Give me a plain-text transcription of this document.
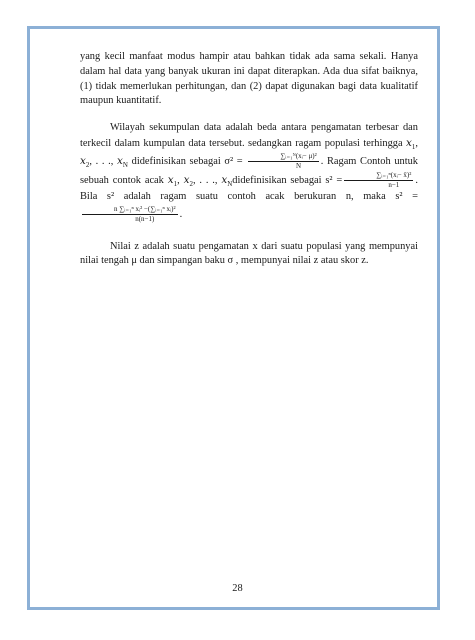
yang kecil manfaat modus hampir atau bahkan tidak ada sama sekali. Hanya dalam hal data yang banyak ukuran ini dapat diterapkan. Ada dua sifat baiknya, (1) tidak memerlukan perhitungan, dan (2) dapat digunakan bagi data kualitatif maupun kuantitatif.

Wilayah sekumpulan data adalah beda antara pengamatan terbesar dan terkecil dalam kumpulan data tersebut. sedangkan ragam populasi terhingga $x_1$, $x_2$, . . ., $x_N$ didefinisikan sebagai $\sigma^2 = \frac{\text{∑ᵢ₌₁ᴺ(xᵢ− μ)²}}{N}$ . Ragam Contoh untuk sebuah contok acak $x_1$, $x_2$, . . ., $x_Ndidefinisikan$ sebagai $s^2 = \frac{\text{∑ᵢ₌₁ⁿ(xᵢ− x̄)²}}{n-1}$ . Bila s² adalah ragam suatu contoh acak berukuran n, maka s² =
$\frac{\text{n ∑ᵢ₌₁ⁿ xᵢ² −(∑ᵢ₌₁ⁿ xᵢ)²}}{n(n-1)}$ .

Nilai z adalah suatu pengamatan x dari suatu populasi yang mempunyai nilai tengah μ dan simpangan baku σ , mempunyai nilai z atau skor z.

28
